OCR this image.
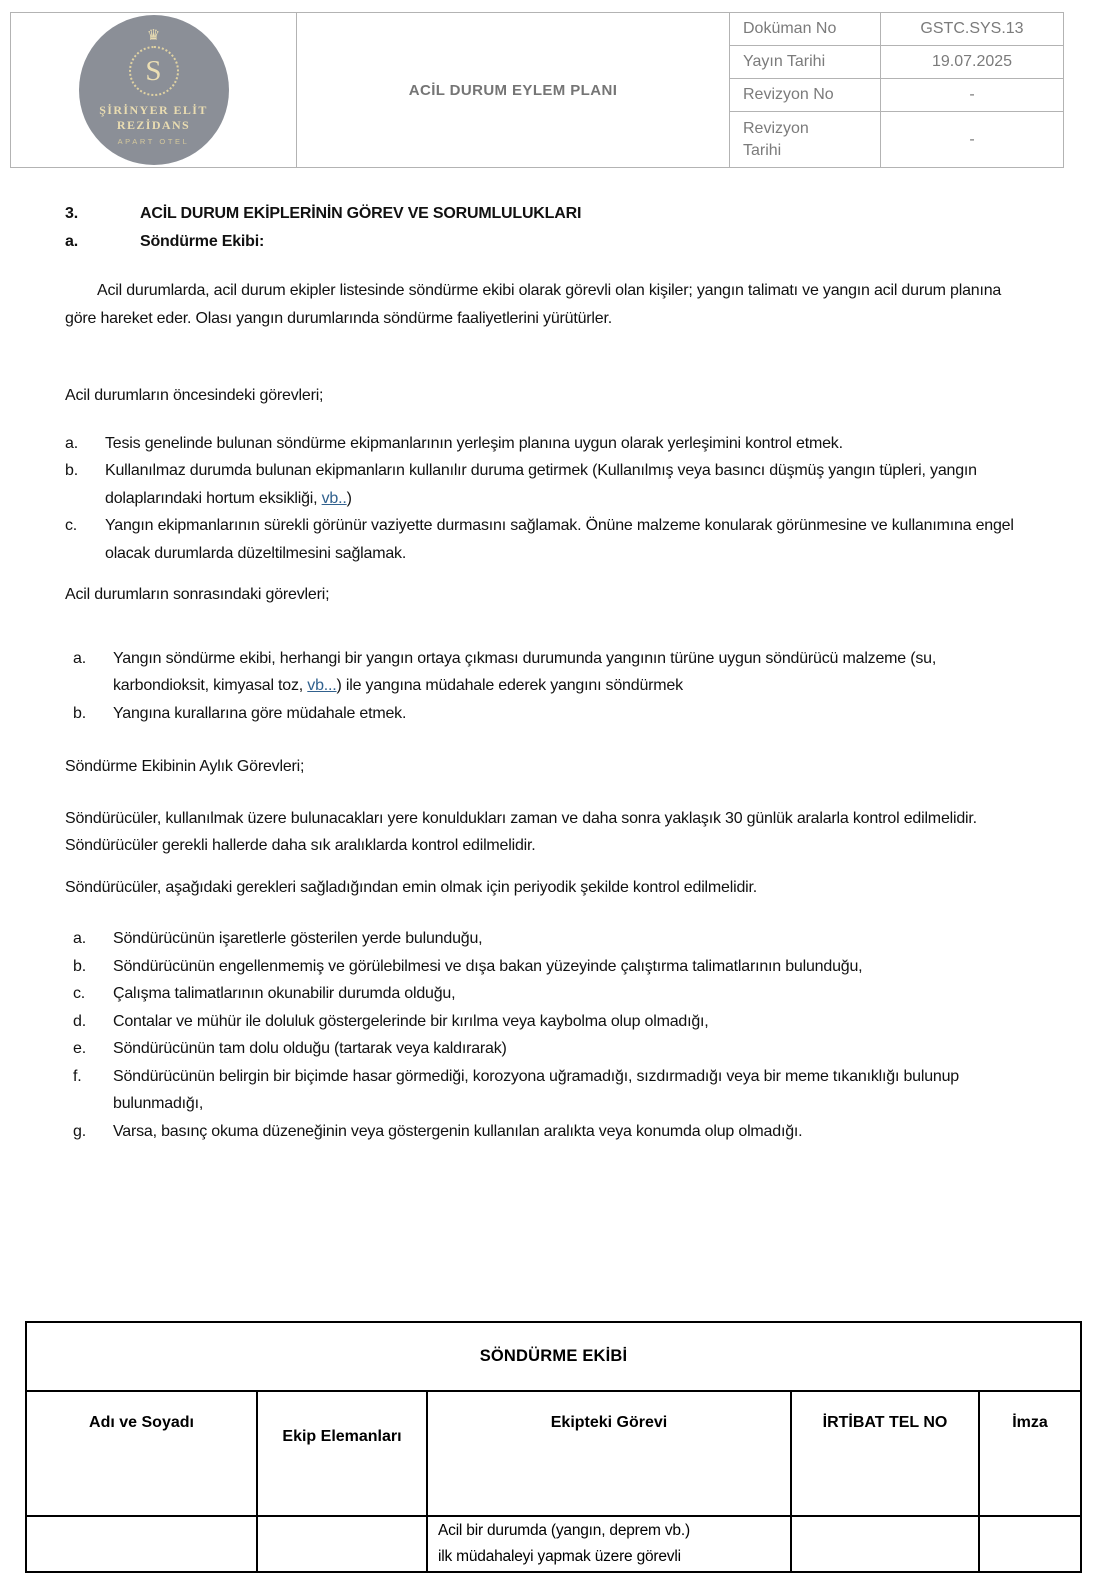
♛
S
ŞİRİNYER ELİT
REZİDANS
APART OTEL	ACİL DURUM EYLEM PLANI	Doküman No	GSTC.SYS.13
		Yayın Tarihi	19.07.2025
		Revizyon No	-
		Revizyon Tarihi	-
3.	ACİL DURUM EKİPLERİNİN GÖREV VE SORUMLULUKLARI
a.	Söndürme Ekibi:

Acil durumlarda, acil durum ekipler listesinde söndürme ekibi olarak görevli olan kişiler; yangın talimatı ve yangın acil durum planına göre hareket eder. Olası yangın durumlarında söndürme faaliyetlerini yürütürler.

Acil durumların öncesindeki görevleri;
a.	Tesis genelinde bulunan söndürme ekipmanlarının yerleşim planına uygun olarak yerleşimini kontrol etmek.
b.	Kullanılmaz durumda bulunan ekipmanların kullanılır duruma getirmek (Kullanılmış veya basıncı düşmüş yangın tüpleri, yangın dolaplarındaki hortum eksikliği, vb..)
c.	Yangın ekipmanlarının sürekli görünür vaziyette durmasını sağlamak. Önüne malzeme konularak görünmesine ve kullanımına engel olacak durumlarda düzeltilmesini sağlamak.
Acil durumların sonrasındaki görevleri;
a.	Yangın söndürme ekibi, herhangi bir yangın ortaya çıkması durumunda yangının türüne uygun söndürücü malzeme (su, karbondioksit, kimyasal toz, vb...) ile yangına müdahale ederek yangını söndürmek
b.	Yangına kurallarına göre müdahale etmek.
Söndürme Ekibinin Aylık Görevleri;

Söndürücüler, kullanılmak üzere bulunacakları yere konuldukları zaman ve daha sonra yaklaşık 30 günlük aralarla kontrol edilmelidir. Söndürücüler gerekli hallerde daha sık aralıklarda kontrol edilmelidir.

Söndürücüler, aşağıdaki gerekleri sağladığından emin olmak için periyodik şekilde kontrol edilmelidir.

a.	Söndürücünün işaretlerle gösterilen yerde bulunduğu,
b.	Söndürücünün engellenmemiş ve görülebilmesi ve dışa bakan yüzeyinde çalıştırma talimatlarının bulunduğu,
c.	Çalışma talimatlarının okunabilir durumda olduğu,
d.	Contalar ve mühür ile doluluk göstergelerinde bir kırılma veya kaybolma olup olmadığı,
e.	Söndürücünün tam dolu olduğu (tartarak veya kaldırarak)
f.	Söndürücünün belirgin bir biçimde hasar görmediği, korozyona uğramadığı, sızdırmadığı veya bir meme tıkanıklığı bulunup bulunmadığı,
g.	Varsa, basınç okuma düzeneğinin veya göstergenin kullanılan aralıkta veya konumda olup olmadığı.
SÖNDÜRME EKİBİ				
Adı ve Soyadı	Ekip Elemanları	Ekipteki Görevi	İRTİBAT TEL NO	İmza

		Acil bir durumda (yangın, deprem vb.)
ilk müdahaleyi yapmak üzere görevli		
